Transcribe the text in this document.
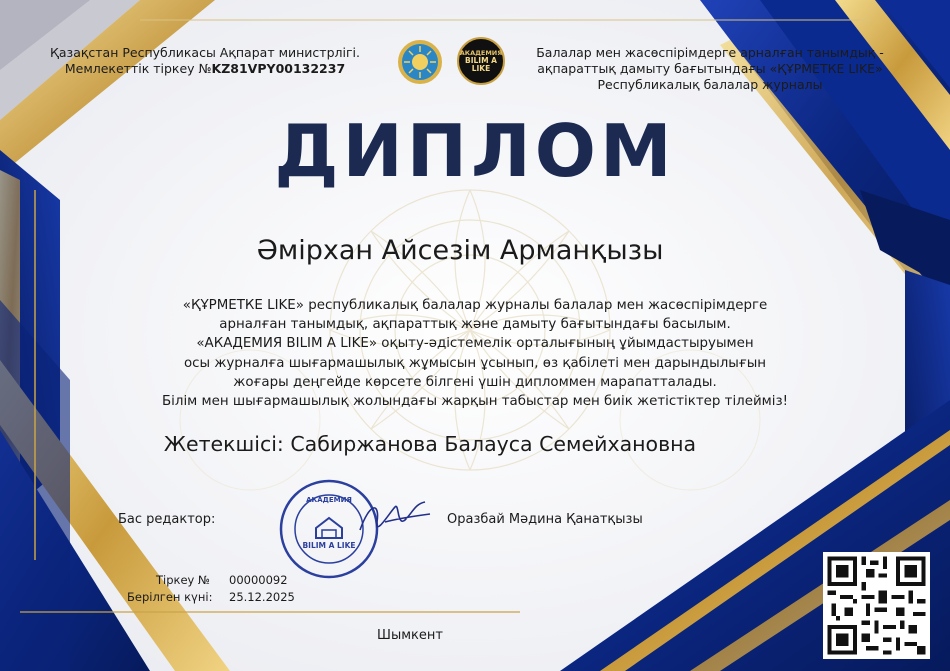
Қазақстан Республикасы Ақпарат министрлігі.
Мемлекеттік тіркеу №KZ81VPY00132237
АКАДЕМИЯ
BILIM A LIKE
Балалар мен жасөспірімдерге арналған танымдық -
ақпараттық дамыту бағытындағы «ҚҰРМЕТКЕ LIKE»
Республикалық балалар журналы
ДИПЛОМ
Әмірхан Айсезім Арманқызы
«ҚҰРМЕТКЕ LIKE» республикалық балалар журналы балалар мен жасөспірімдерге
арналған танымдық, ақпараттық және дамыту бағытындағы басылым.
«АКАДЕМИЯ BILIM A LIKE» оқыту-әдістемелік орталығының ұйымдастыруымен
осы журналға шығармашылық жұмысын ұсынып, өз қабілеті мен дарындылығын
жоғары деңгейде көрсете білгені үшін дипломмен марапатталады.
Білім мен шығармашылық жолындағы жарқын табыстар мен биік жетістіктер тілейміз!
Жетекшісі: Сабиржанова Балауса Семейхановна
Бас редактор:	Оразбай Мәдина Қанатқызы
АКАДЕМИЯ
BILIM A LIKE
Тіркеу № 00000092
Берілген күні: 25.12.2025
Шымкент
